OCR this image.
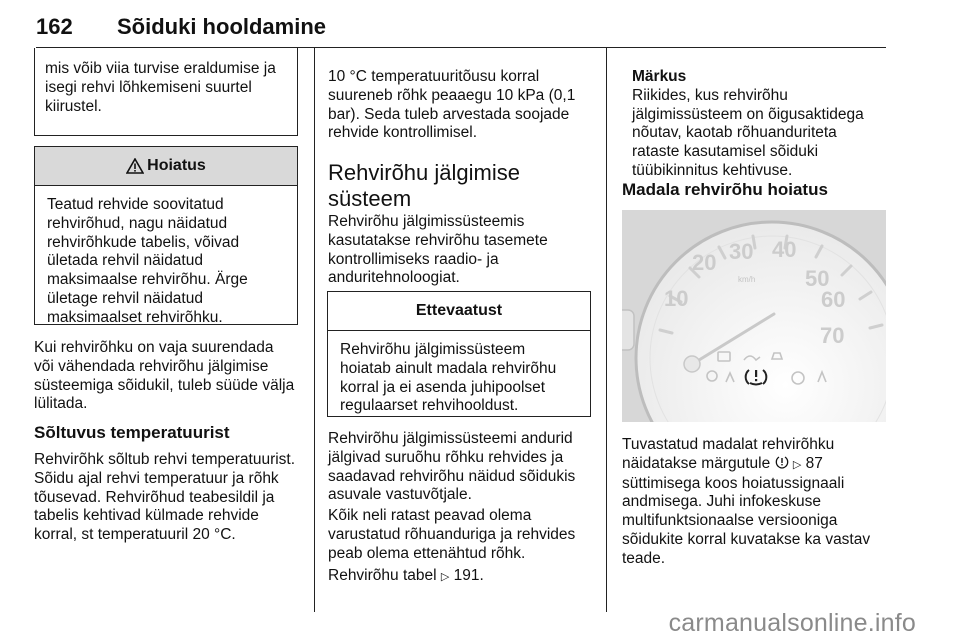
162 Sõiduki hooldamine
mis võib viia turvise eraldumise ja isegi rehvi lõhkemiseni suurtel kiirustel.
Hoiatus
Teatud rehvide soovitatud rehvirõhud, nagu näidatud rehvirõhkude tabelis, võivad ületada rehvil näidatud maksimaalse rehvirõhu. Ärge ületage rehvil näidatud maksimaalset rehvirõhku.
Kui rehvirõhku on vaja suurendada või vähendada rehvirõhu jälgimise süsteemiga sõidukil, tuleb süüde välja lülitada.
Sõltuvus temperatuurist
Rehvirõhk sõltub rehvi temperatuurist. Sõidu ajal rehvi temperatuur ja rõhk tõusevad. Rehvirõhud teabesildil ja tabelis kehtivad külmade rehvide korral, st temperatuuril 20 °C.
10 °C temperatuuritõusu korral suureneb rõhk peaaegu 10 kPa (0,1 bar). Seda tuleb arvestada soojade rehvide kontrollimisel.
Rehvirõhu jälgimise
süsteem
Rehvirõhu jälgimissüsteemis kasutatakse rehvirõhu tasemete kontrollimiseks raadio- ja anduritehnoloogiat.
Ettevaatust
Rehvirõhu jälgimissüsteem hoiatab ainult madala rehvirõhu korral ja ei asenda juhipoolset regulaarset rehvihooldust.
Rehvirõhu jälgimissüsteemi andurid jälgivad suruõhu rõhku rehvides ja saadavad rehvirõhu näidud sõidukis asuvale vastuvõtjale.
Kõik neli ratast peavad olema varustatud rõhuanduriga ja rehvides peab olema ettenähtud rõhk.
Rehvirõhu tabel ▷ 191.
Märkus
Riikides, kus rehvirõhu jälgimissüsteem on õigusaktidega nõutav, kaotab rõhuanduriteta rataste kasutamisel sõiduki tüübikinnitus kehtivuse.
Madala rehvirõhu hoiatus
20 30 40
50
60
70
10
km/h
Tuvastatud madalat rehvirõhku näidatakse märgutule  ▷ 87 süttimisega koos hoiatussignaali andmisega. Juhi infokeskuse multifunktsionaalse versiooniga sõidukite korral kuvatakse ka vastav teade.
carmanualsonline.info
